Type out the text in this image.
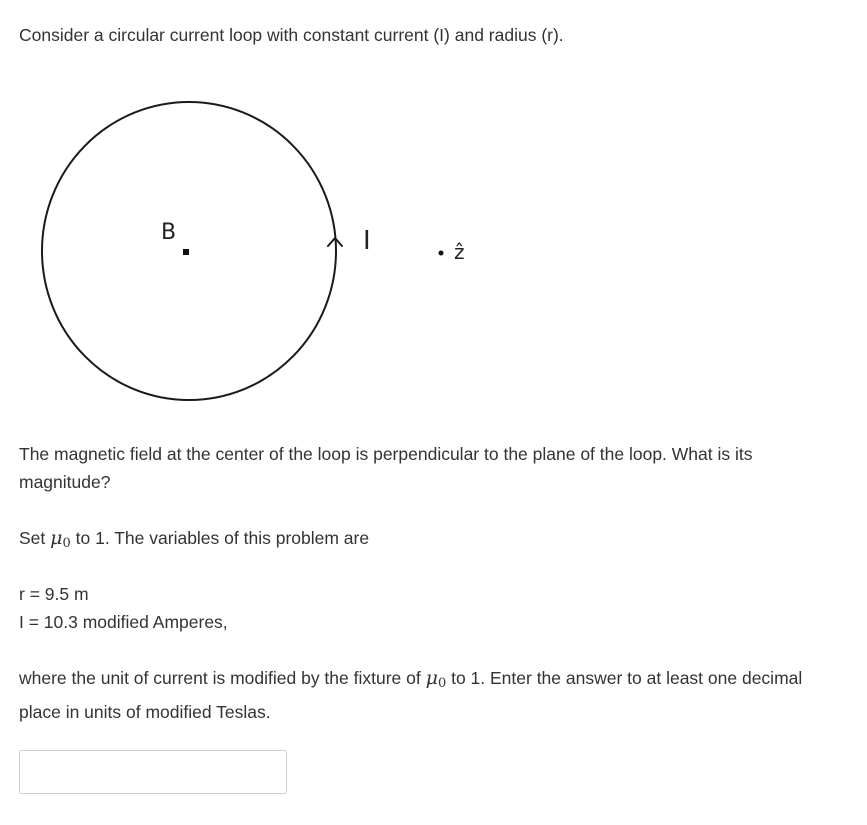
Consider a circular current loop with constant current (I) and radius (r).

B	I	ẑ

The magnetic field at the center of the loop is perpendicular to the plane of the loop. What is its magnitude?

Set $\mu_0$ to 1. The variables of this problem are

r = 9.5 m

I = 10.3 modified Amperes,

where the unit of current is modified by the fixture of $\mu_0$ to 1. Enter the answer to at least one decimal place in units of modified Teslas.
